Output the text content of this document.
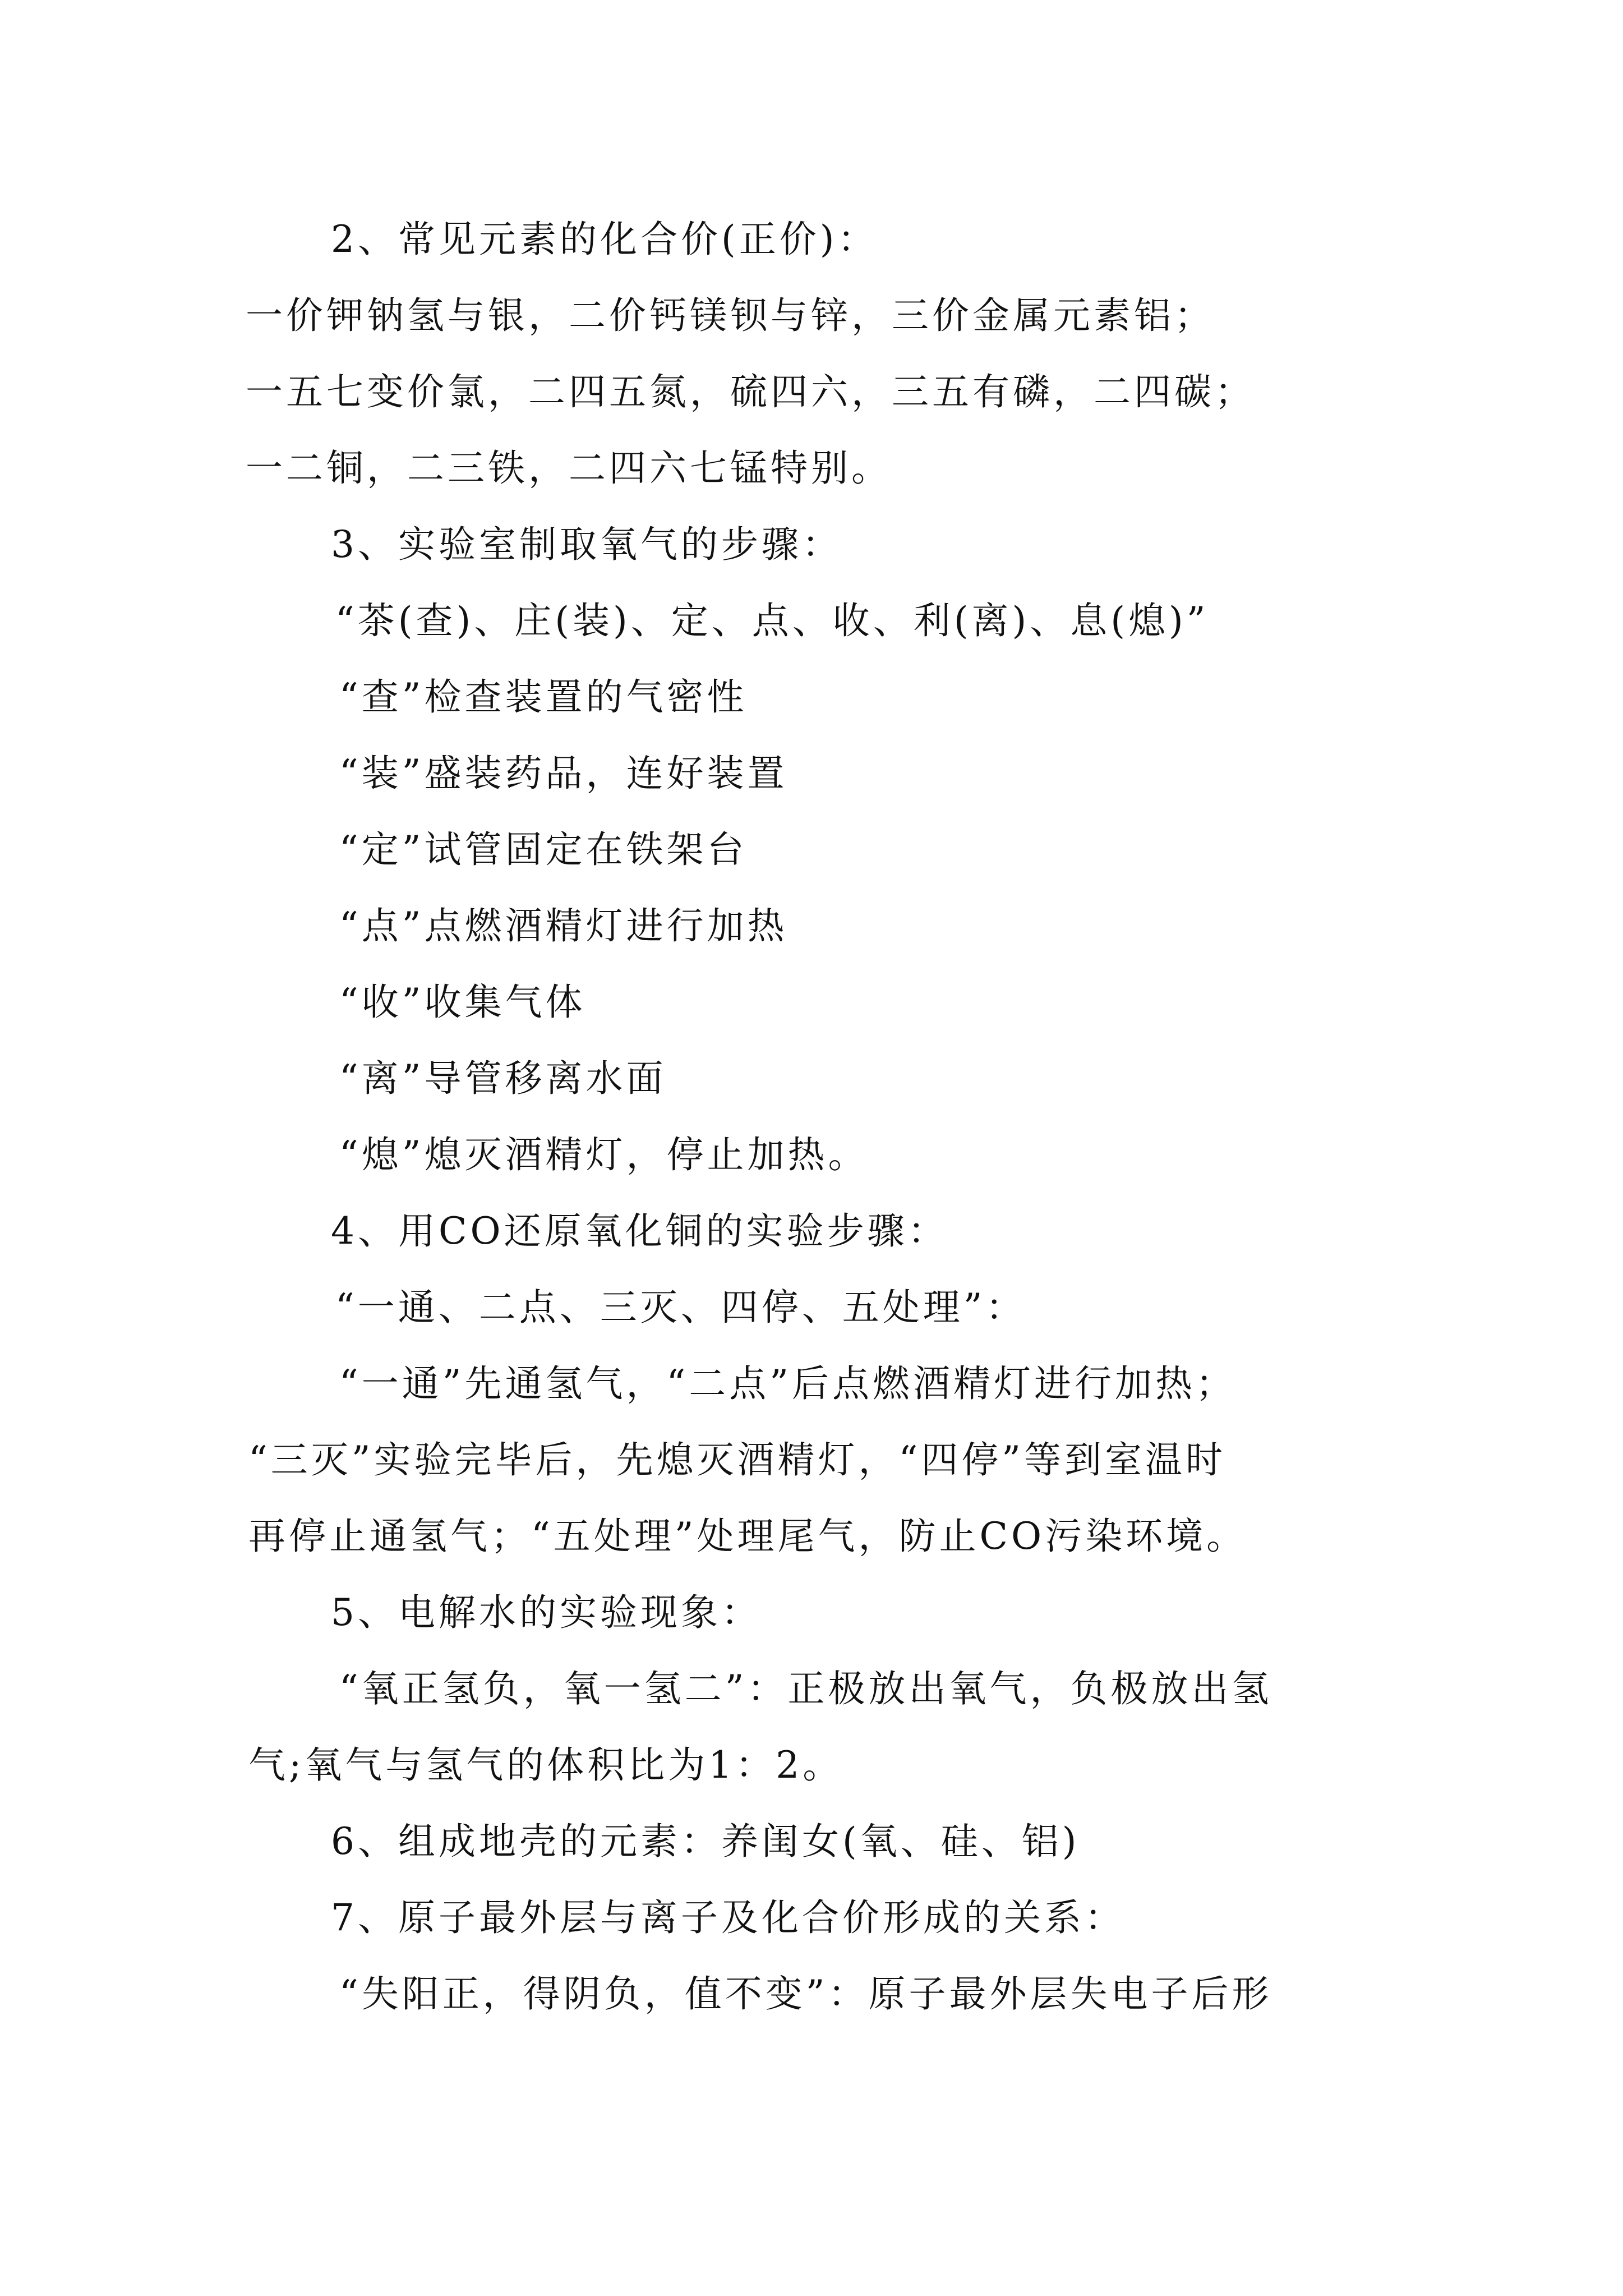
2、常见元素的化合价(正价)：
一价钾钠氢与银，二价钙镁钡与锌，三价金属元素铝；
一五七变价氯，二四五氮，硫四六，三五有磷，二四碳；
一二铜，二三铁，二四六七锰特别。
3、实验室制取氧气的步骤：
“茶(查)、庄(装)、定、点、收、利(离)、息(熄)”
“查”检查装置的气密性
“装”盛装药品，连好装置
“定”试管固定在铁架台
“点”点燃酒精灯进行加热
“收”收集气体
“离”导管移离水面
“熄”熄灭酒精灯，停止加热。
4、用CO还原氧化铜的实验步骤：
“一通、二点、三灭、四停、五处理”：
“一通”先通氢气，“二点”后点燃酒精灯进行加热；
“三灭”实验完毕后，先熄灭酒精灯，“四停”等到室温时
再停止通氢气；“五处理”处理尾气，防止CO污染环境。
5、电解水的实验现象：
“氧正氢负，氧一氢二”：正极放出氧气，负极放出氢
气;氧气与氢气的体积比为1：2。
6、组成地壳的元素：养闺女(氧、硅、铝)
7、原子最外层与离子及化合价形成的关系：
“失阳正，得阴负，值不变”：原子最外层失电子后形
